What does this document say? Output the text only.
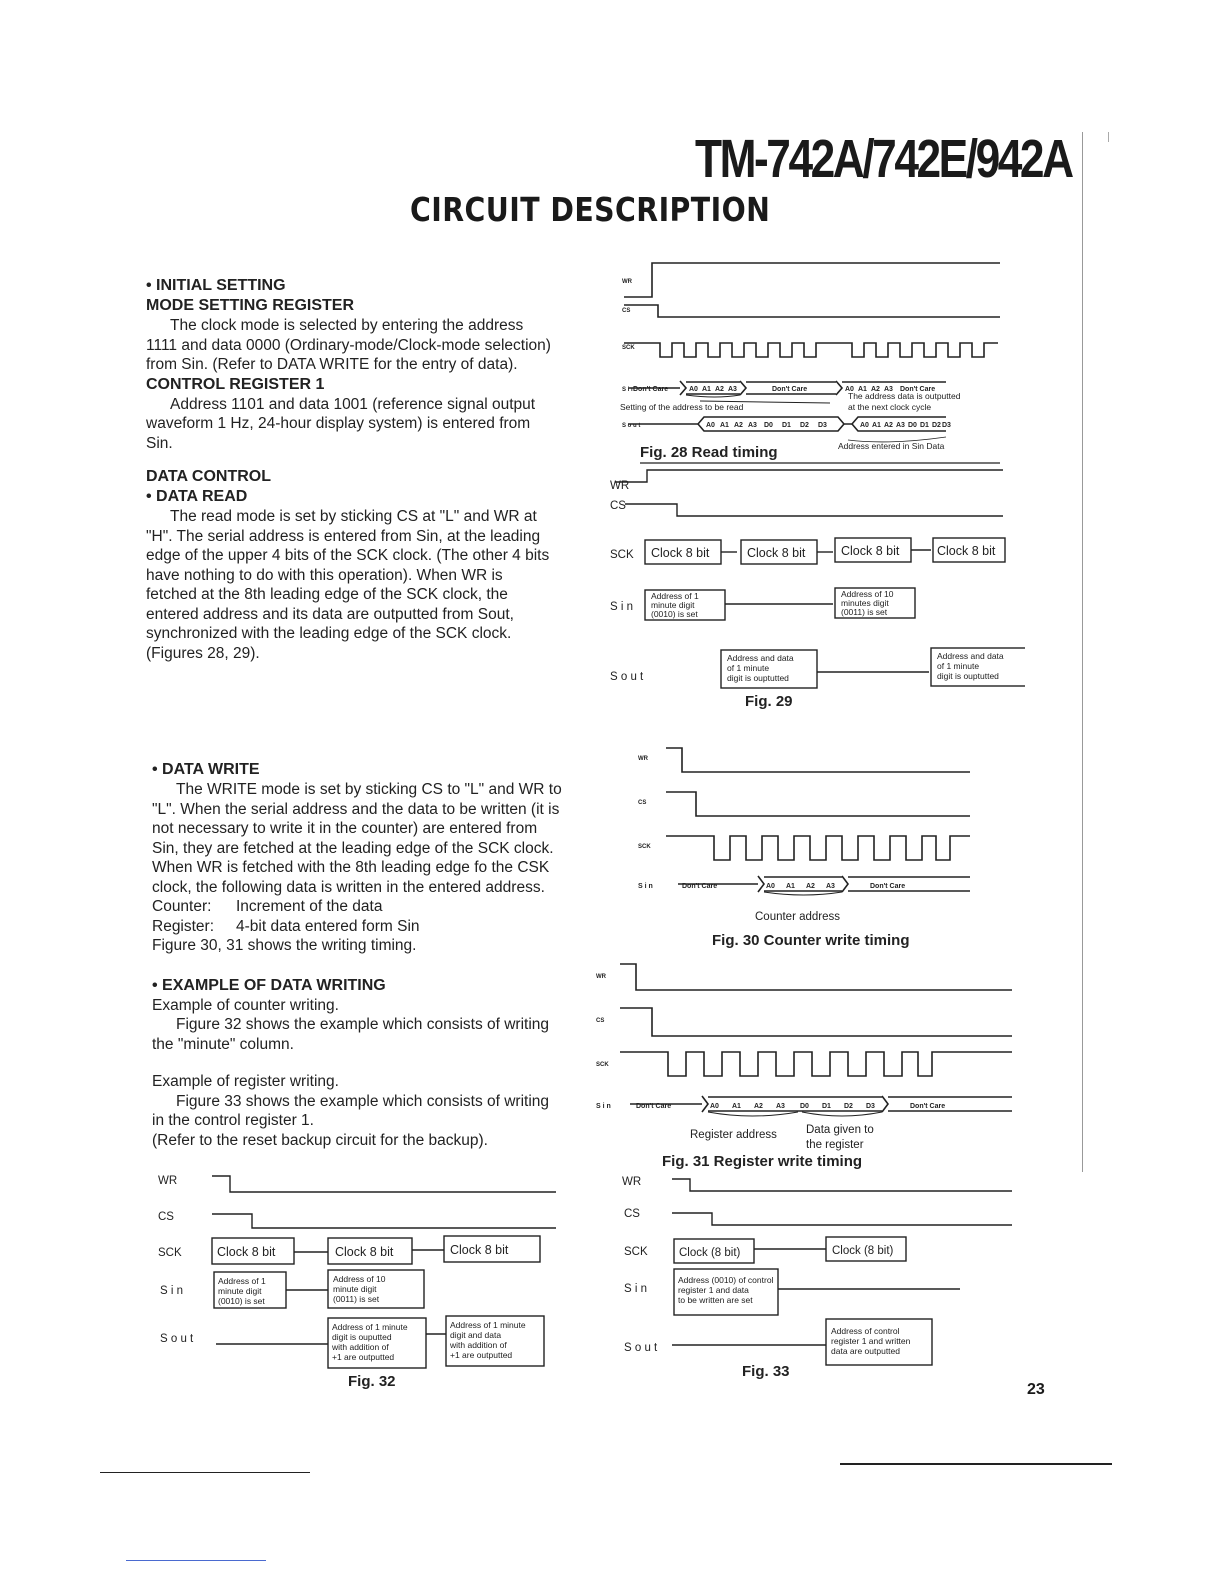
TM-742A/742E/942A
CIRCUIT DESCRIPTION

• INITIAL SETTING

MODE SETTING REGISTER

The clock mode is selected by entering the address 1111 and data 0000 (Ordinary-mode/Clock-mode selection) from Sin. (Refer to DATA WRITE for the entry of data).

CONTROL REGISTER 1

Address 1101 and data 1001 (reference signal output waveform 1 Hz, 24-hour display system) is entered from Sin.

DATA CONTROL

• DATA READ

The read mode is set by sticking CS at "L" and WR at "H". The serial address is entered from Sin, at the leading edge of the upper 4 bits of the SCK clock. (The other 4 bits have nothing to do with this operation). When WR is fetched at the 8th leading edge of the SCK clock, the entered address and its data are outputted from Sout, synchronized with the leading edge of the SCK clock. (Figures 28, 29).

• DATA WRITE

The WRITE mode is set by sticking CS to "L" and WR to "L". When the serial address and the data to be written (it is not necessary to write it in the counter) are entered from Sin, they are fetched at the leading edge of the SCK clock. When WR is fetched with the 8th leading edge fo the CSK clock, the following data is written in the entered address.

Counter: Increment of the data

Register: 4-bit data entered form Sin

Figure 30, 31 shows the writing timing.

• EXAMPLE OF DATA WRITING

Example of counter writing.

Figure 32 shows the example which consists of writing the "minute" column.

Example of register writing.

Figure 33 shows the example which consists of writing in the control register 1.

(Refer to the reset backup circuit for the backup).

WR
CS
SCK
S i n
S o u t
Don't Care	Don't Care	Don't Care
A0 A1 A2 A3	A0 A1 A2 A3
A0 A1 A2 A3 D0 D1 D2 D3	A0 A1 A2 A3 D0 D1 D2 D3
Setting of the address to be read
The address data is outputted
at the next clock cycle
Address entered in Sin Data
Fig. 28 Read timing
WR
CS
SCK
S i n
S o u t
Clock 8 bit	Clock 8 bit	Clock 8 bit	Clock 8 bit
Address of 1
minute digit
(0010) is set
Address of 10
minutes digit
(0011) is set
Address and data
of 1 minute
digit is ouptutted
Address and data
of 1 minute
digit is ouptutted
Fig. 29
WR
CS
SCK
S i n	Don't Care	Don't Care
A0 A1 A2 A3
Counter address
Fig. 30 Counter write timing
WR
CS
SCK
S i n	Don't Care	Don't Care
A0 A1 A2 A3 D0 D1 D2 D3
Register address	Data given to
the register
Fig. 31 Register write timing
WR
CS
SCK
S i n
S o u t
Clock 8 bit	Clock 8 bit	Clock 8 bit
Address of 1
minute digit
(0010) is set
Address of 10
minute digit
(0011) is set
Address of 1 minute
digit is ouputted
with addition of
+1 are outputted
Address of 1 minute
digit and data
with addition of
+1 are outputted
Fig. 32
WR
CS
SCK
S i n
S o u t
Clock (8 bit)	Clock (8 bit)
Address (0010) of control
register 1 and data
to be written are set
Address of control
register 1 and written
data are outputted
Fig. 33
23
